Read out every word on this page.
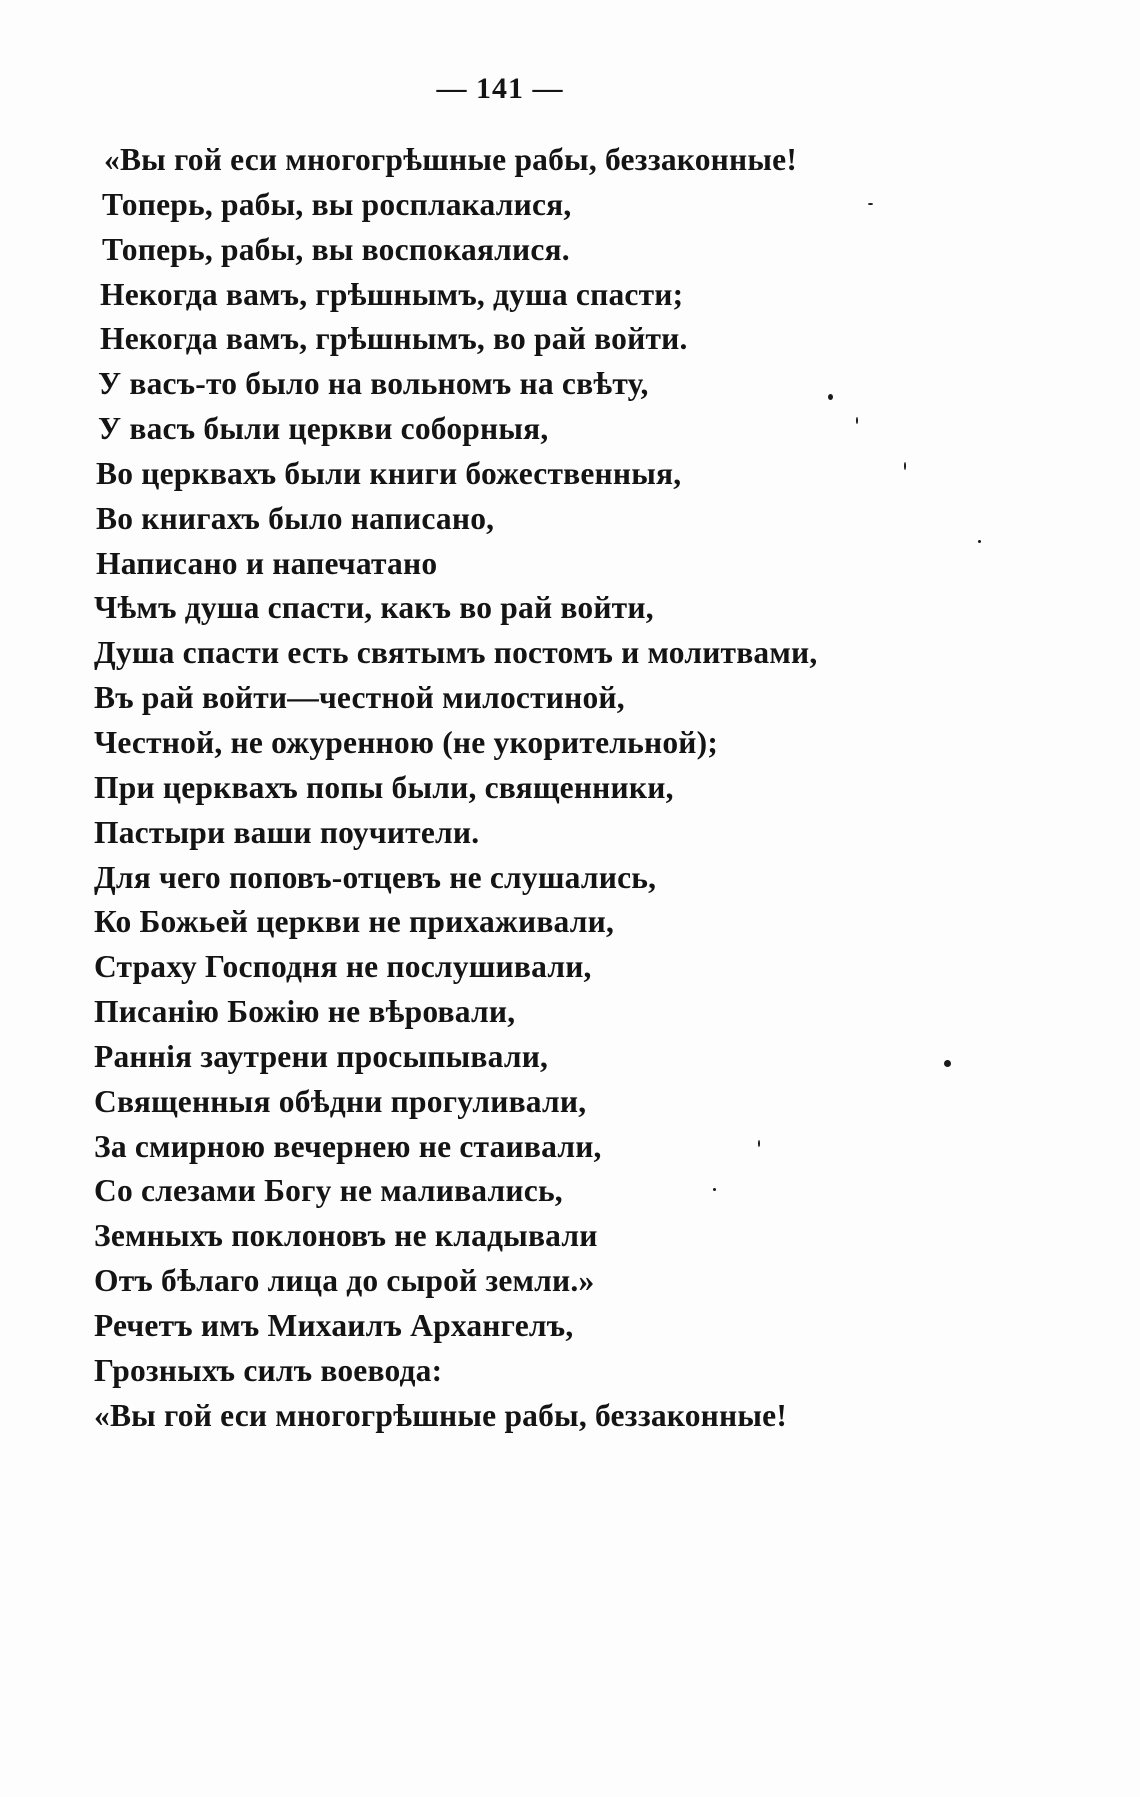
— 141 —
«Вы гой еси многогрѣшные рабы, беззаконные!
Топерь, рабы, вы росплакалися,
Топерь, рабы, вы воспокаялися.
Некогда вамъ, грѣшнымъ, душа спасти;
Некогда вамъ, грѣшнымъ, во рай войти.
У васъ-то было на вольномъ на свѣту,
У васъ были церкви соборныя,
Во церквахъ были книги божественныя,
Во книгахъ было написано,
Написано и напечатано
Чѣмъ душа спасти, какъ во рай войти,
Душа спасти есть святымъ постомъ и молитвами,
Въ рай войти—честной милостиной,
Честной, не ожуренною (не укорительной);
При церквахъ попы были, священники,
Пастыри ваши поучители.
Для чего поповъ-отцевъ не слушались,
Ко Божьей церкви не прихаживали,
Страху Господня не послушивали,
Писанію Божію не вѣровали,
Раннія заутрени просыпывали,
Священныя обѣдни прогуливали,
За смирною вечернею не стаивали,
Со слезами Богу не маливались,
Земныхъ поклоновъ не кладывали
Отъ бѣлаго лица до сырой земли.»
Речетъ имъ Михаилъ Архангелъ,
Грозныхъ силъ воевода:
«Вы гой еси многогрѣшные рабы, беззаконные!
